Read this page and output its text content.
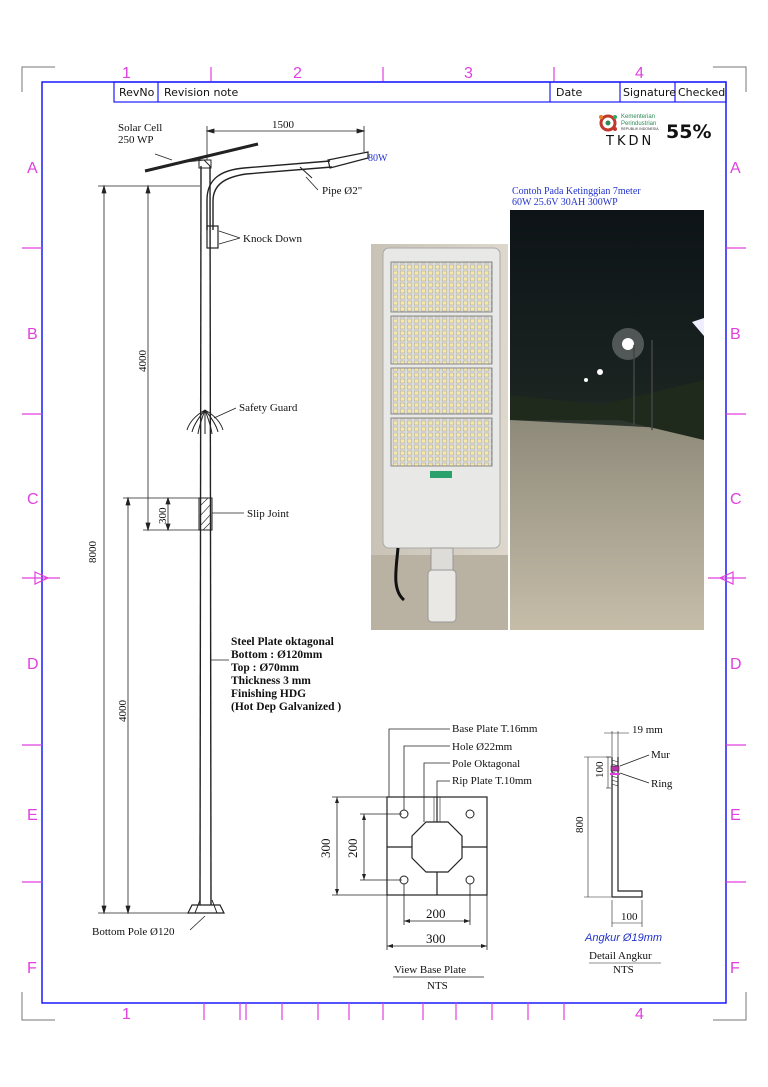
1	2	3	4
1	4
A	A
B	B
C	C
D	D
E	E
F	F
RevNo Revision note	Date	Signature Checked
Kementerian
Perindustrian
REPUBLIK INDONESIA
TKDN 55%
1500
8000
4000
300
4000
Solar Cell
250 WP
80W
Pipe Ø2"
Knock Down
Safety Guard
Slip Joint
Bottom Pole Ø120
Steel Plate oktagonal
Bottom : Ø120mm
Top : Ø70mm
Thickness 3 mm
Finishing HDG
(Hot Dep Galvanized )
Contoh Pada Ketinggian 7meter
60W 25.6V 30AH 300WP
Base Plate T.16mm
Hole Ø22mm
Pole Oktagonal
Rip Plate T.10mm
300 200
200
300
View Base Plate
NTS
19 mm
Mur
Ring
100
800
100
Angkur Ø19mm
Detail Angkur
NTS
